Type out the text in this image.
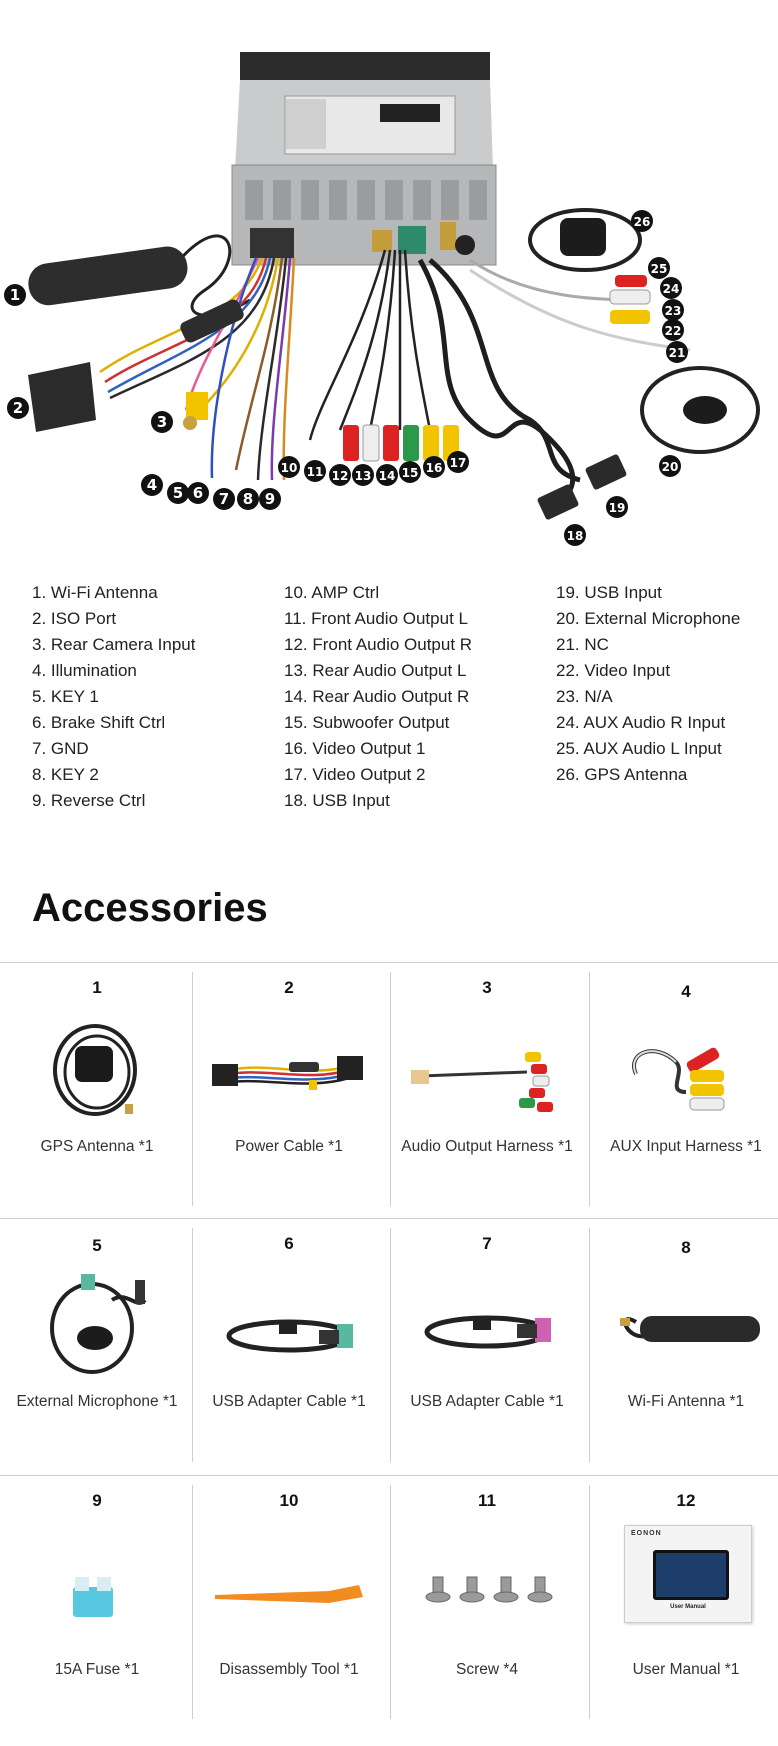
1
2
3
4 5 6 7 8 9
10 11 12 13 14 15 16 17
18
19
20
21
22
23
24
25
26
1. Wi-Fi Antenna
2. ISO Port
3. Rear Camera Input
4. Illumination
5. KEY 1
6. Brake Shift Ctrl
7. GND
8. KEY 2
9. Reverse Ctrl
10. AMP Ctrl
11. Front Audio Output L
12. Front Audio Output R
13. Rear Audio Output L
14. Rear Audio Output R
15. Subwoofer Output
16. Video Output 1
17. Video Output 2
18. USB Input
19. USB Input
20. External Microphone
21. NC
22. Video Input
23. N/A
24. AUX Audio R Input
25. AUX Audio L Input
26. GPS Antenna
Accessories
1
GPS Antenna *1
2
Power Cable *1
3
Audio Output Harness *1
4
AUX Input Harness *1
5
External Microphone *1
6
USB Adapter Cable *1
7
USB Adapter Cable *1
8
Wi-Fi Antenna *1
9
15A Fuse *1
10
Disassembly Tool *1
11
Screw *4
12
EONON
User Manual
User Manual *1
